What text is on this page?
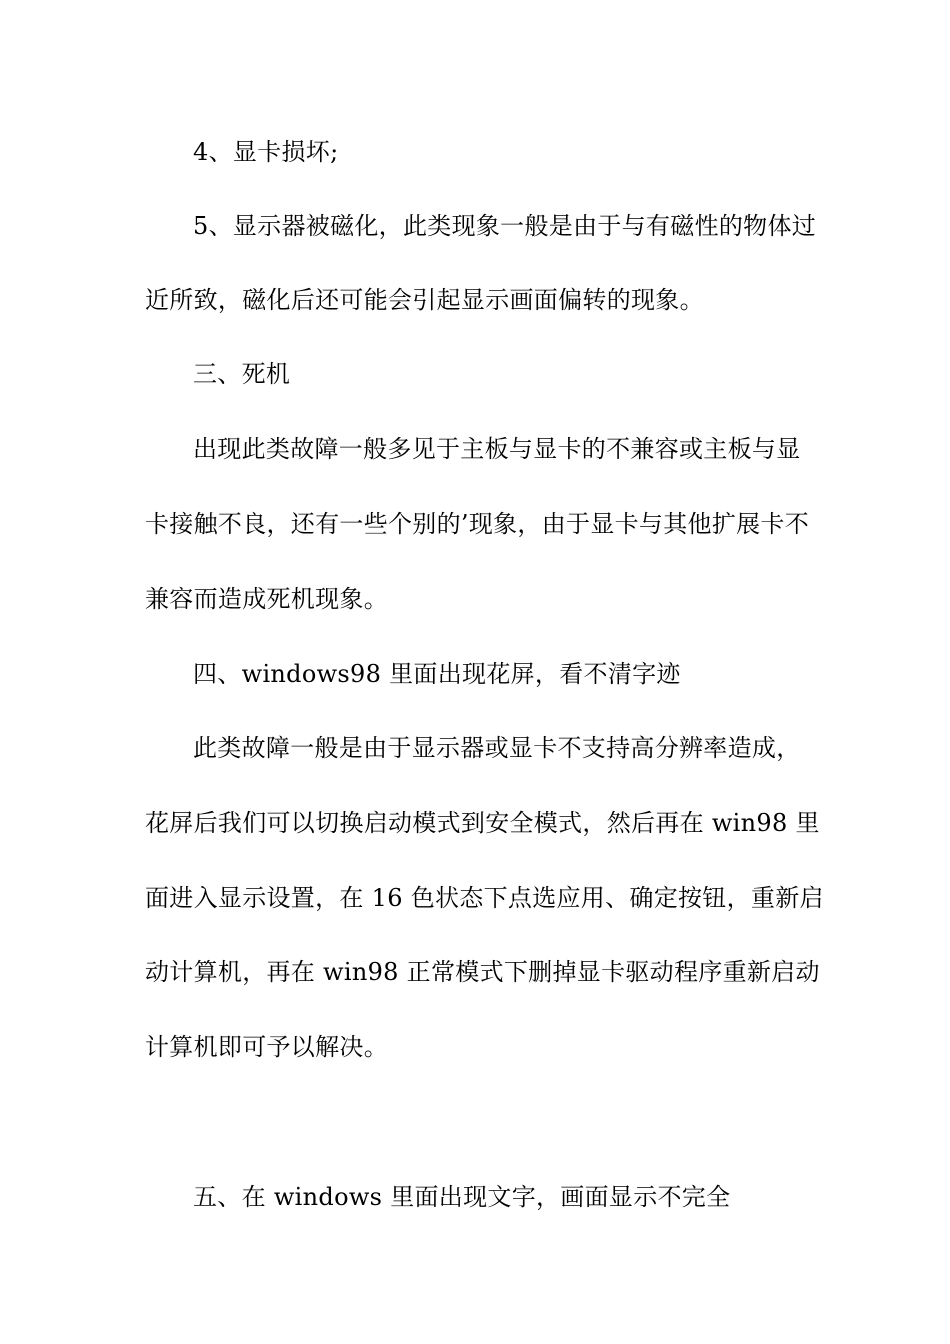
4、显卡损坏;
5、显示器被磁化，此类现象一般是由于与有磁性的物体过
近所致，磁化后还可能会引起显示画面偏转的现象。
三、死机
出现此类故障一般多见于主板与显卡的不兼容或主板与显
卡接触不良，还有一些个别的’现象，由于显卡与其他扩展卡不
兼容而造成死机现象。
四、windows98 里面出现花屏，看不清字迹
此类故障一般是由于显示器或显卡不支持高分辨率造成，
花屏后我们可以切换启动模式到安全模式，然后再在 win98 里
面进入显示设置，在 16 色状态下点选应用、确定按钮，重新启
动计算机，再在 win98 正常模式下删掉显卡驱动程序重新启动
计算机即可予以解决。
五、在 windows 里面出现文字，画面显示不完全
